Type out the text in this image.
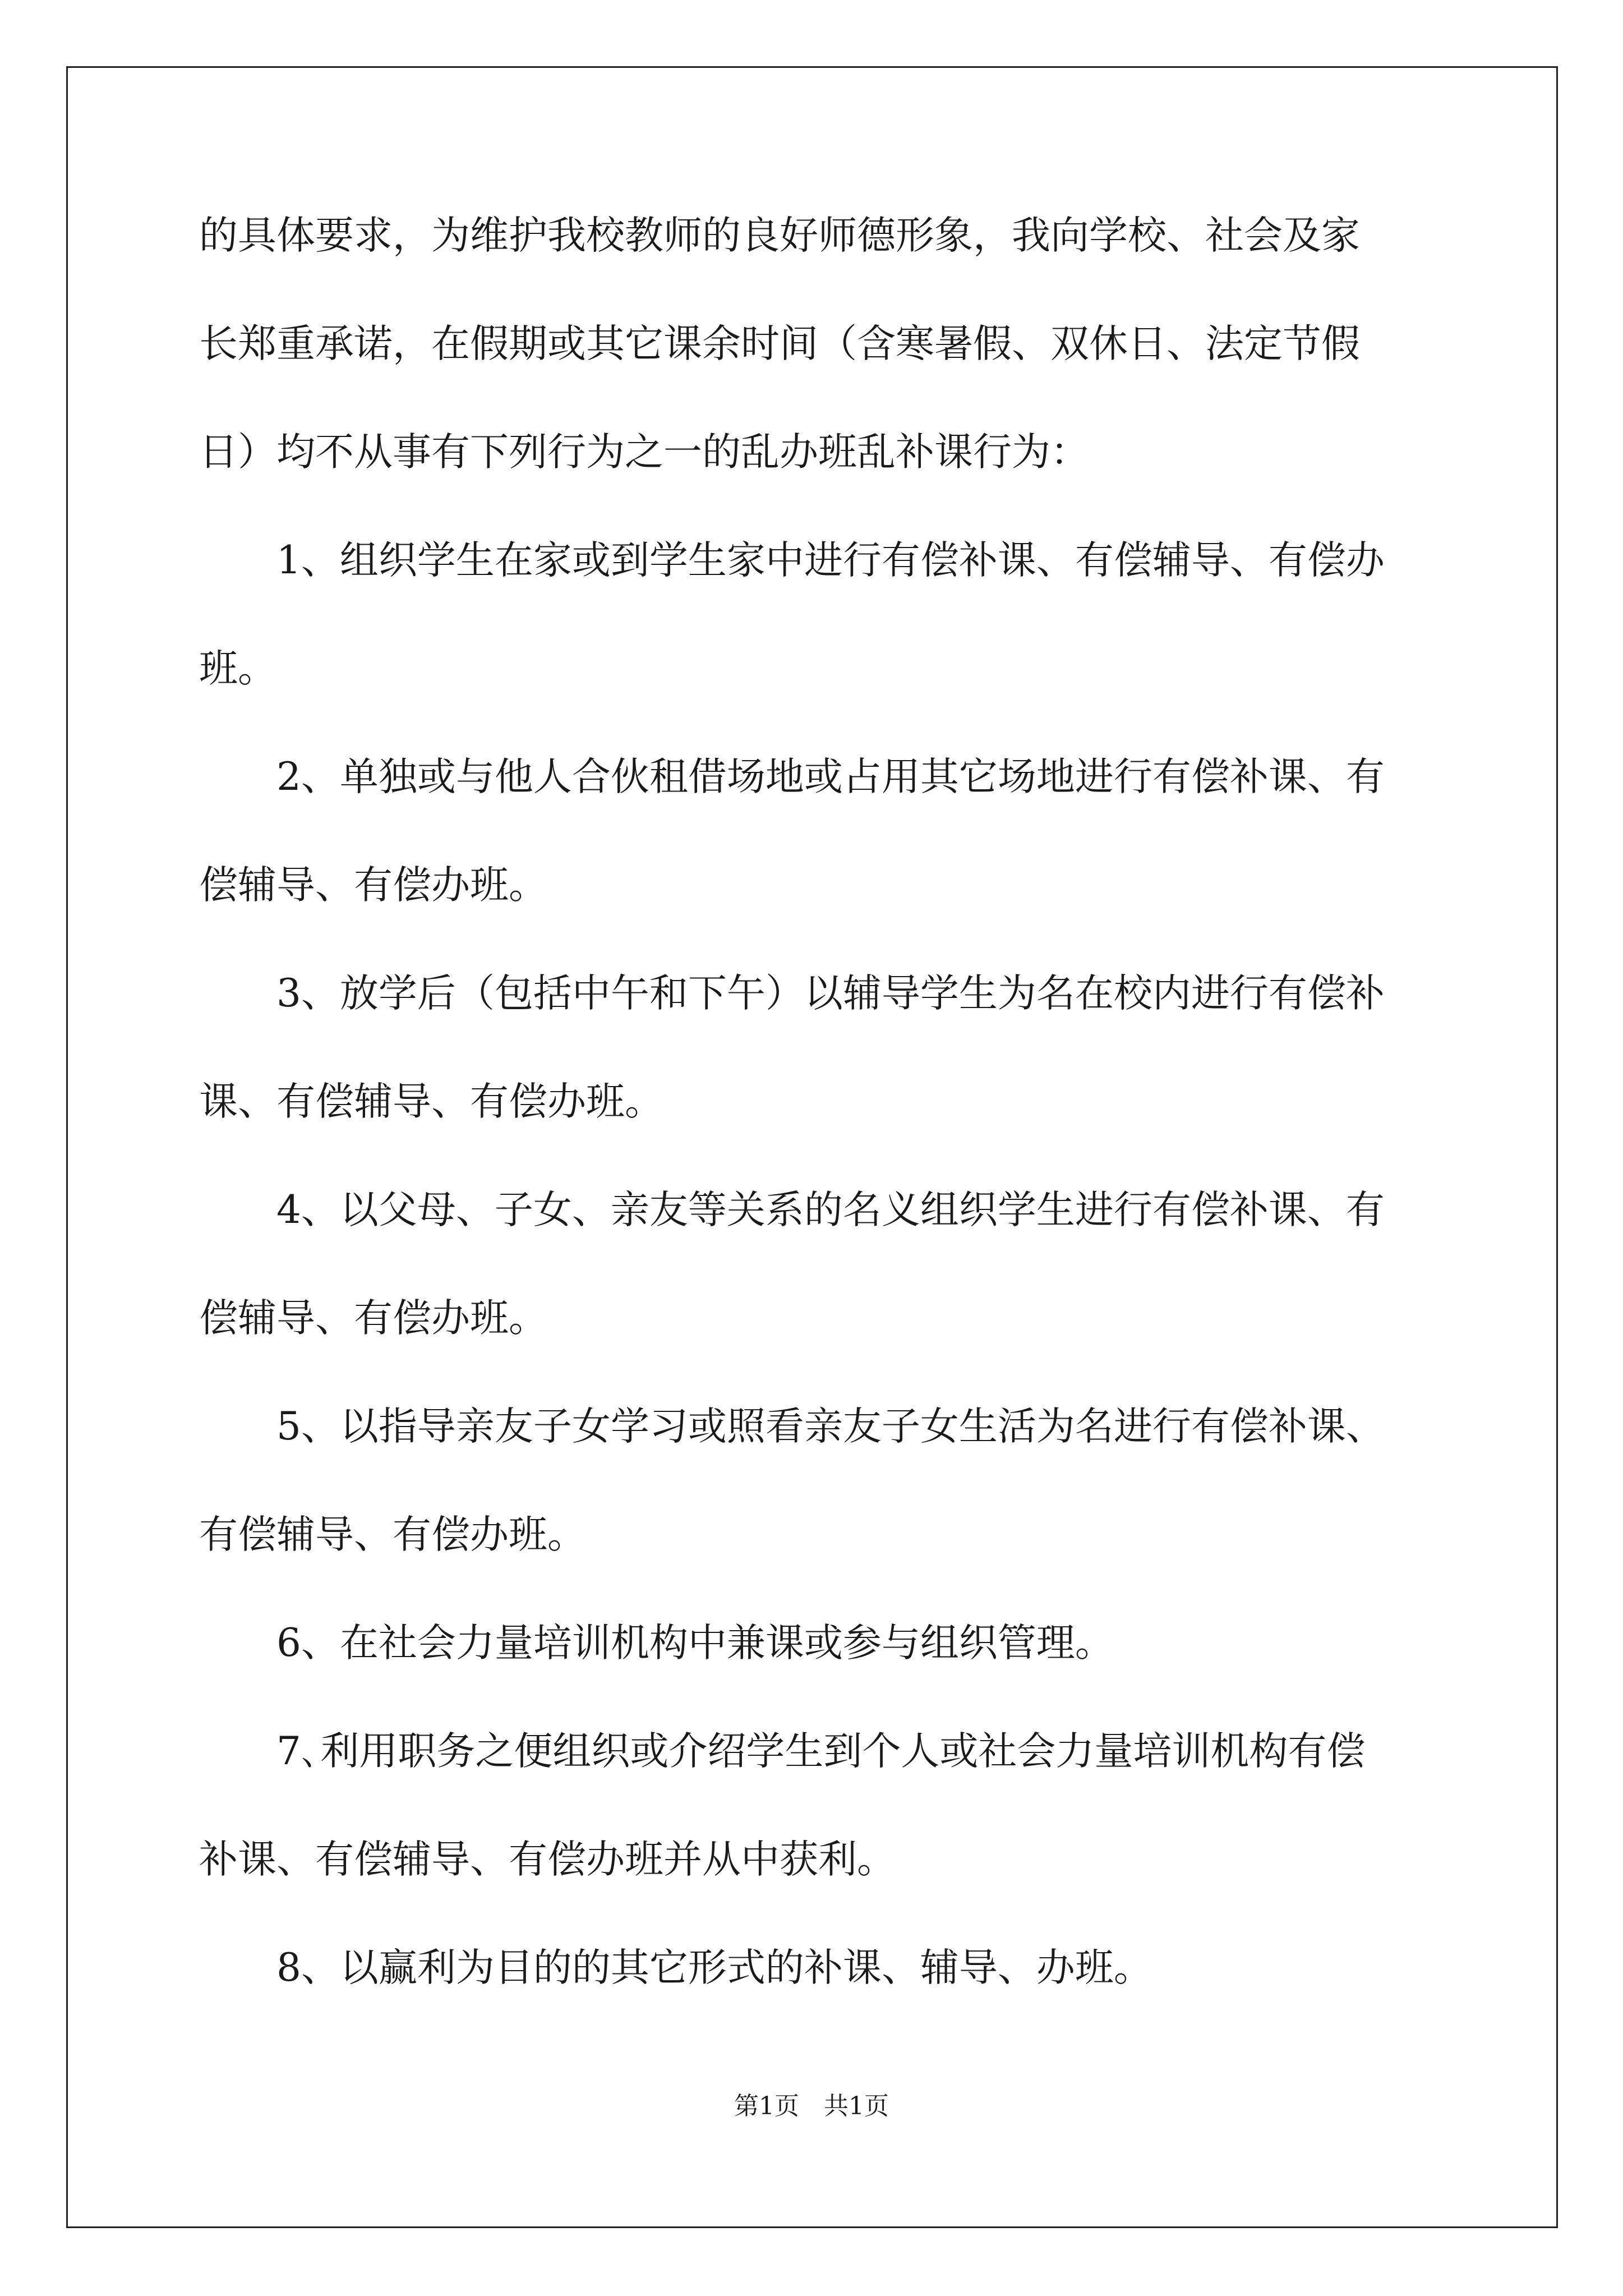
的具体要求，为维护我校教师的良好师德形象，我向学校、社会及家
长郑重承诺，在假期或其它课余时间（含寒暑假、双休日、法定节假
日）均不从事有下列行为之一的乱办班乱补课行为：
　　1、组织学生在家或到学生家中进行有偿补课、有偿辅导、有偿办
班。
　　2、单独或与他人合伙租借场地或占用其它场地进行有偿补课、有
偿辅导、有偿办班。
　　3、放学后（包括中午和下午）以辅导学生为名在校内进行有偿补
课、有偿辅导、有偿办班。
　　4、以父母、子女、亲友等关系的名义组织学生进行有偿补课、有
偿辅导、有偿办班。
　　5、以指导亲友子女学习或照看亲友子女生活为名进行有偿补课、
有偿辅导、有偿办班。
　　6、在社会力量培训机构中兼课或参与组织管理。
　　7､利用职务之便组织或介绍学生到个人或社会力量培训机构有偿
补课、有偿辅导、有偿办班并从中获利。
　　8、以赢利为目的的其它形式的补课、辅导、办班。
第1页　共1页
